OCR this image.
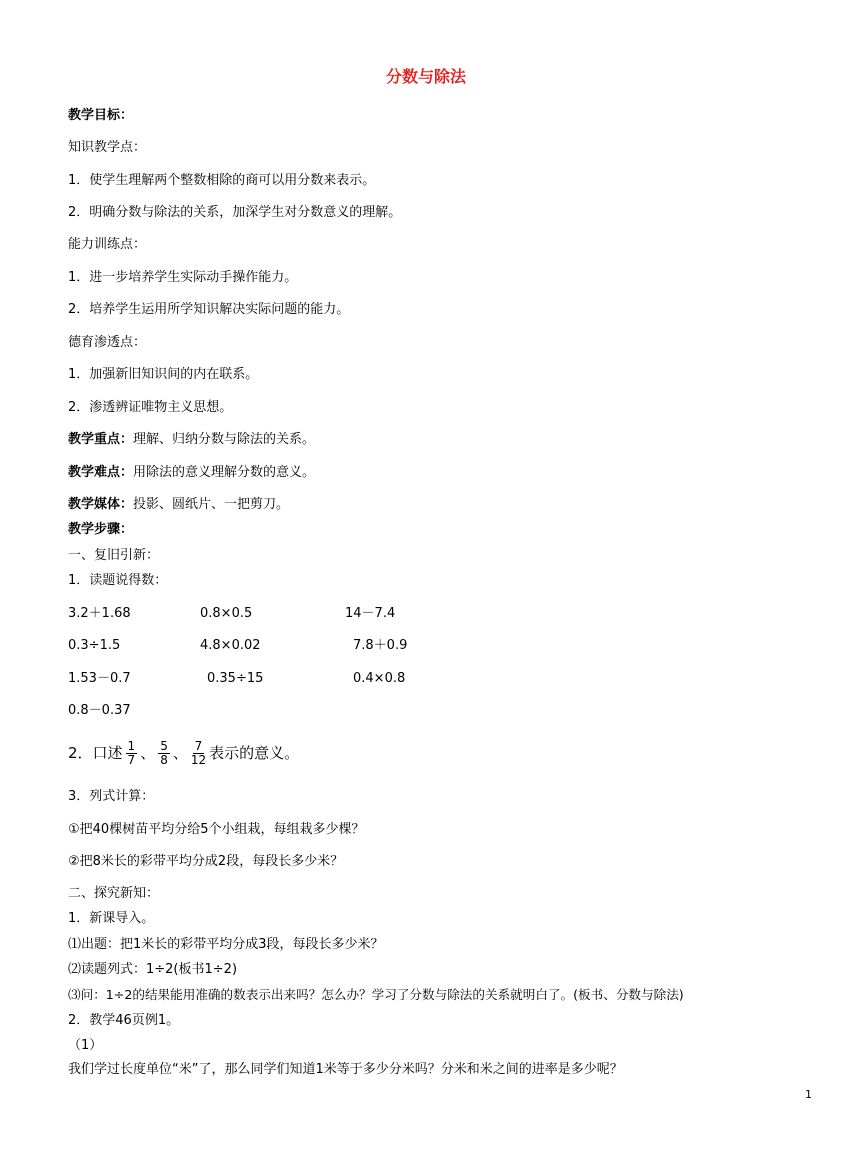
分数与除法
教学目标：
知识教学点：
1．使学生理解两个整数相除的商可以用分数来表示。
2．明确分数与除法的关系，加深学生对分数意义的理解。
能力训练点：
1．进一步培养学生实际动手操作能力。
2．培养学生运用所学知识解决实际问题的能力。
德育渗透点：
1．加强新旧知识间的内在联系。
2．渗透辨证唯物主义思想。
教学重点：理解、归纳分数与除法的关系。
教学难点：用除法的意义理解分数的意义。
教学媒体：投影、圆纸片、一把剪刀。
教学步骤：
一、复旧引新：
1．读题说得数：
3.2＋1.68	0.8×0.5	14－7.4
0.3÷1.5	4.8×0.02	7.8＋0.9
1.53－0.7	0.35÷15	0.4×0.8
0.8－0.37
2．口述 $\frac{1}{7}$ 、 $\frac{5}{8}$ 、 $\frac{7}{12}$ 表示的意义。
3．列式计算：
①把40棵树苗平均分给5个小组栽，每组栽多少棵？
②把8米长的彩带平均分成2段，每段长多少米？
二、探究新知：
1．新课导入。
⑴出题：把1米长的彩带平均分成3段，每段长多少米？
⑵读题列式：1÷2(板书1÷2)
⑶问：1÷2的结果能用准确的数表示出来吗？怎么办？学习了分数与除法的关系就明白了。(板书、分数与除法)
2．教学46页例1。
（1）
我们学过长度单位“米”了，那么同学们知道1米等于多少分米吗？分米和米之间的进率是多少呢？
1
